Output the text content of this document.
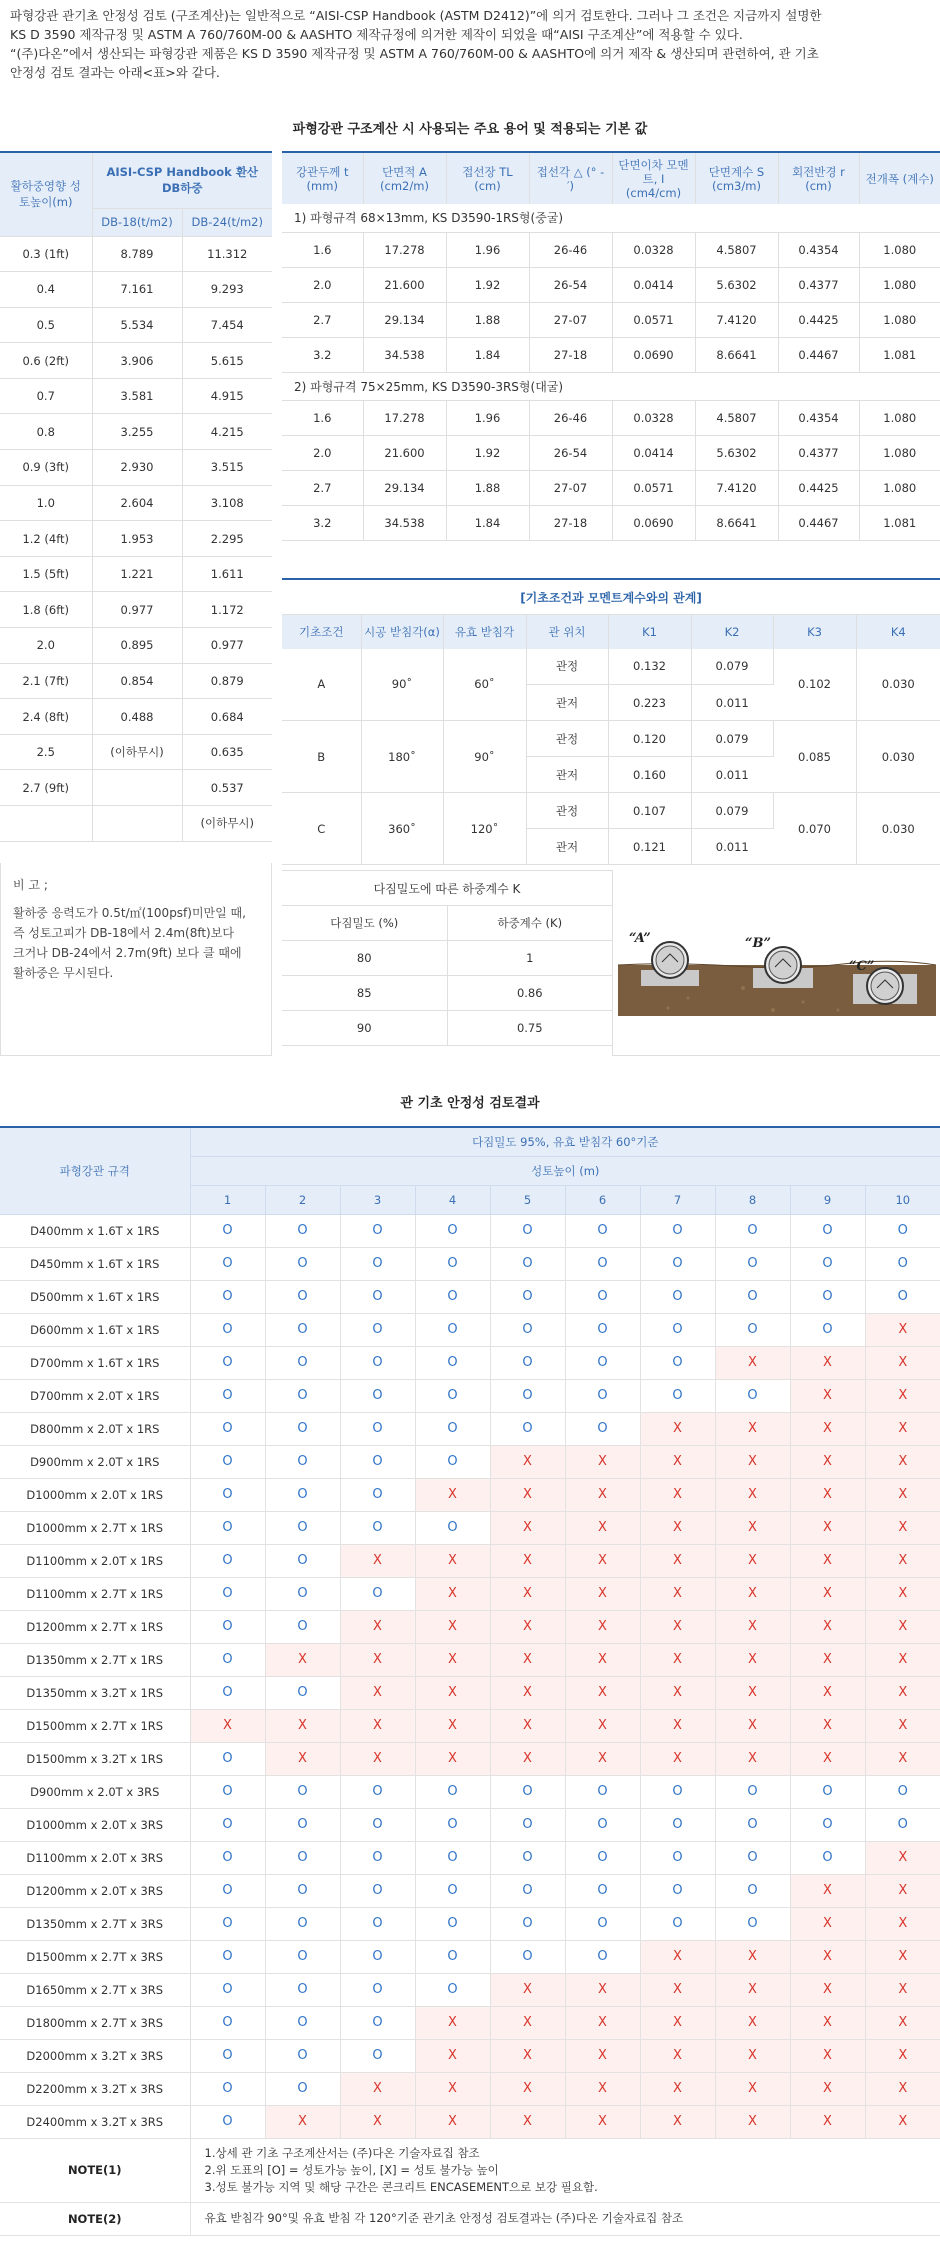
파형강관 관기초 안정성 검토 (구조계산)는 일반적으로 “AISI-CSP Handbook (ASTM D2412)”에 의거 검토한다. 그러나 그 조건은 지금까지 설명한

KS D 3590 제작규정 및 ASTM A 760/760M-00 & AASHTO 제작규정에 의거한 제작이 되었을 때“AISI 구조계산”에 적용할 수 있다.

“(주)다온”에서 생산되는 파형강관 제품은 KS D 3590 제작규정 및 ASTM A 760/760M-00 & AASHTO에 의거 제작 & 생산되며 관련하여, 관 기초

안정성 검토 결과는 아래<표>와 같다.

파형강관 구조계산 시 사용되는 주요 용어 및 적용되는 기본 값
활하중영향 성토높이(m)	AISI-CSP Handbook 환산 DB하중	
	DB-18(t/m2)	DB-24(t/m2)
0.3 (1ft)	8.789	11.312
0.4	7.161	9.293
0.5	5.534	7.454
0.6 (2ft)	3.906	5.615
0.7	3.581	4.915
0.8	3.255	4.215
0.9 (3ft)	2.930	3.515
1.0	2.604	3.108
1.2 (4ft)	1.953	2.295
1.5 (5ft)	1.221	1.611
1.8 (6ft)	0.977	1.172
2.0	0.895	0.977
2.1 (7ft)	0.854	0.879
2.4 (8ft)	0.488	0.684
2.5	(이하무시)	0.635
2.7 (9ft)		0.537
		(이하무시)
비 고 ;
활하중 응력도가 0.5t/㎡(100psf)미만일 때,
즉 성토고피가 DB-18에서 2.4m(8ft)보다
크거나 DB-24에서 2.7m(9ft) 보다 클 때에
활하중은 무시된다.
강관두께 t (mm)	단면적 A (cm2/m)	접선장 TL (cm)	접선각 △ (° - ′)	단면이차 모멘트, I (cm4/cm)	단면계수 S (cm3/m)	회전반경 r (cm)	전개폭 (계수)
1) 파형규격 68×13mm, KS D3590-1RS형(중굴)							
1.6	17.278	1.96	26-46	0.0328	4.5807	0.4354	1.080
2.0	21.600	1.92	26-54	0.0414	5.6302	0.4377	1.080
2.7	29.134	1.88	27-07	0.0571	7.4120	0.4425	1.080
3.2	34.538	1.84	27-18	0.0690	8.6641	0.4467	1.081
2) 파형규격 75×25mm, KS D3590-3RS형(대굴)							
1.6	17.278	1.96	26-46	0.0328	4.5807	0.4354	1.080
2.0	21.600	1.92	26-54	0.0414	5.6302	0.4377	1.080
2.7	29.134	1.88	27-07	0.0571	7.4120	0.4425	1.080
3.2	34.538	1.84	27-18	0.0690	8.6641	0.4467	1.081
[기초조건과 모멘트계수와의 관계]
기초조건	시공 받침각(α)	유효 받침각	관 위치	K1	K2	K3	K4
A	90˚	60˚	관정	0.132	0.079	0.102	0.030
			관저	0.223	0.011		
B	180˚	90˚	관정	0.120	0.079	0.085	0.030
			관저	0.160	0.011		
C	360˚	120˚	관정	0.107	0.079	0.070	0.030
			관저	0.121	0.011		
다짐밀도에 따른 하중계수 K	
다짐밀도 (%)	하중계수 (K)
80	1
85	0.86
90	0.75
“A”	“B”
“C”
관 기초 안정성 검토결과
파형강관 규격	다짐밀도 95%, 유효 받침각 60°기준									
	성토높이 (m)									
	1	2	3	4	5	6	7	8	9	10
D400mm x 1.6T x 1RS	O	O	O	O	O	O	O	O	O	O
D450mm x 1.6T x 1RS	O	O	O	O	O	O	O	O	O	O
D500mm x 1.6T x 1RS	O	O	O	O	O	O	O	O	O	O
D600mm x 1.6T x 1RS	O	O	O	O	O	O	O	O	O	X
D700mm x 1.6T x 1RS	O	O	O	O	O	O	O	X	X	X
D700mm x 2.0T x 1RS	O	O	O	O	O	O	O	O	X	X
D800mm x 2.0T x 1RS	O	O	O	O	O	O	X	X	X	X
D900mm x 2.0T x 1RS	O	O	O	O	X	X	X	X	X	X
D1000mm x 2.0T x 1RS	O	O	O	X	X	X	X	X	X	X
D1000mm x 2.7T x 1RS	O	O	O	O	X	X	X	X	X	X
D1100mm x 2.0T x 1RS	O	O	X	X	X	X	X	X	X	X
D1100mm x 2.7T x 1RS	O	O	O	X	X	X	X	X	X	X
D1200mm x 2.7T x 1RS	O	O	X	X	X	X	X	X	X	X
D1350mm x 2.7T x 1RS	O	X	X	X	X	X	X	X	X	X
D1350mm x 3.2T x 1RS	O	O	X	X	X	X	X	X	X	X
D1500mm x 2.7T x 1RS	X	X	X	X	X	X	X	X	X	X
D1500mm x 3.2T x 1RS	O	X	X	X	X	X	X	X	X	X
D900mm x 2.0T x 3RS	O	O	O	O	O	O	O	O	O	O
D1000mm x 2.0T x 3RS	O	O	O	O	O	O	O	O	O	O
D1100mm x 2.0T x 3RS	O	O	O	O	O	O	O	O	O	X
D1200mm x 2.0T x 3RS	O	O	O	O	O	O	O	O	X	X
D1350mm x 2.7T x 3RS	O	O	O	O	O	O	O	O	X	X
D1500mm x 2.7T x 3RS	O	O	O	O	O	O	X	X	X	X
D1650mm x 2.7T x 3RS	O	O	O	O	X	X	X	X	X	X
D1800mm x 2.7T x 3RS	O	O	O	X	X	X	X	X	X	X
D2000mm x 3.2T x 3RS	O	O	O	X	X	X	X	X	X	X
D2200mm x 3.2T x 3RS	O	O	X	X	X	X	X	X	X	X
D2400mm x 3.2T x 3RS	O	X	X	X	X	X	X	X	X	X
NOTE(1)	1.상세 관 기초 구조계산서는 (주)다온 기술자료집 참조
2.위 도표의 [O] = 성토가능 높이, [X] = 성토 불가능 높이
3.성토 불가능 지역 및 해당 구간은 콘크리트 ENCASEMENT으로 보강 필요함.									

NOTE(2)	유효 받침각 90°및 유효 받침 각 120°기준 관기초 안정성 검토결과는 (주)다온 기술자료집 참조									
